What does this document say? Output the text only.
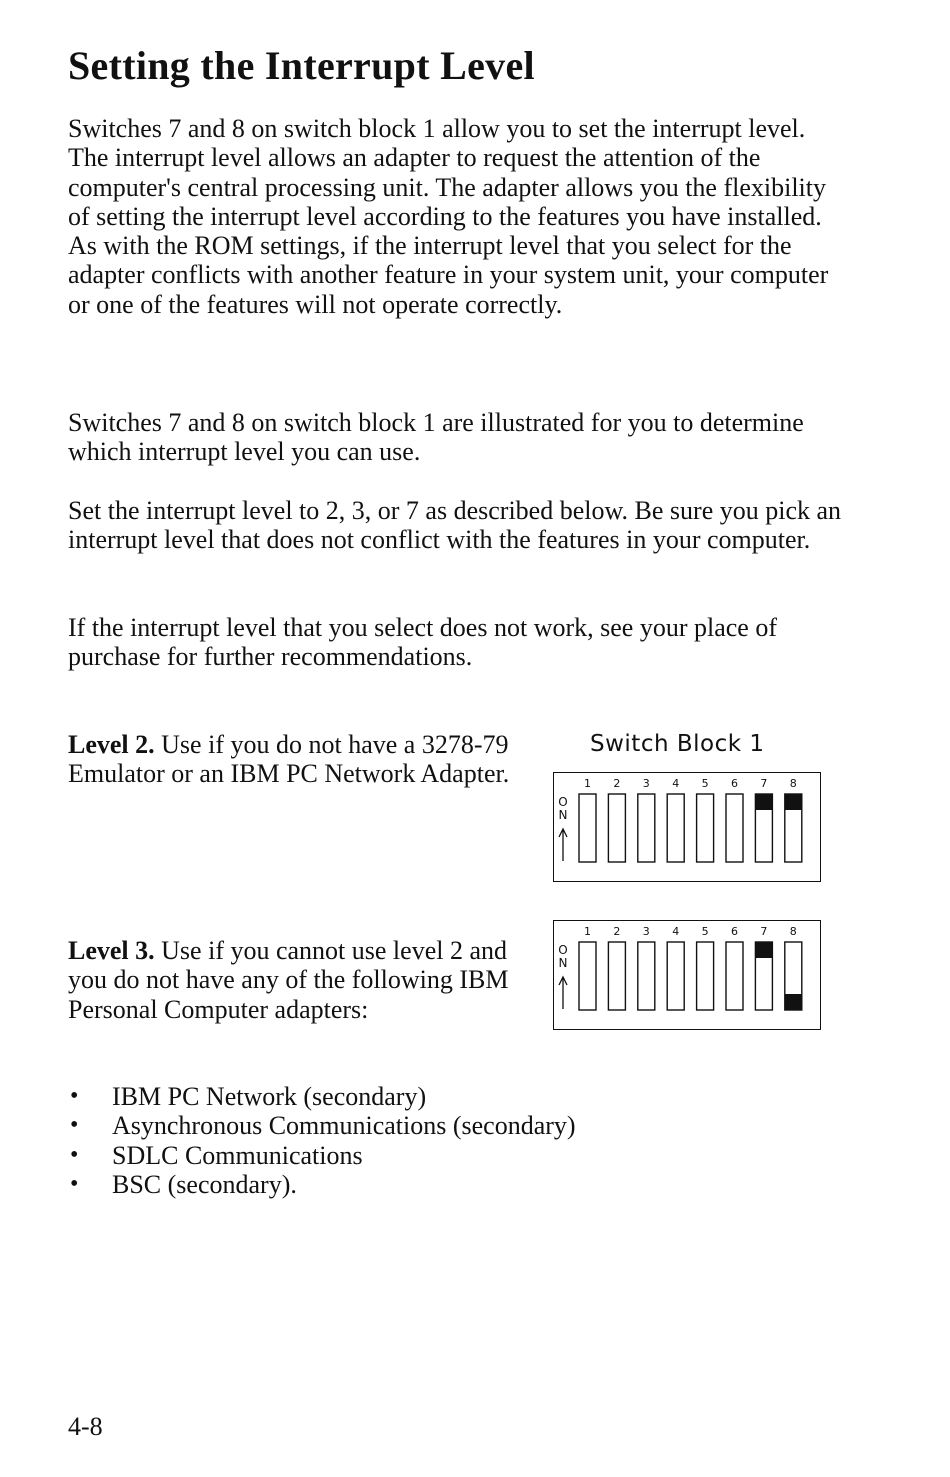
Setting the Interrupt Level

Switches 7 and 8 on switch block 1 allow you to set the interrupt level. The interrupt level allows an adapter to request the attention of the computer's central processing unit. The adapter allows you the flexibility of setting the interrupt level according to the features you have installed. As with the ROM settings, if the interrupt level that you select for the adapter conflicts with another feature in your system unit, your computer or one of the features will not operate correctly.

Switches 7 and 8 on switch block 1 are illustrated for you to determine which interrupt level you can use.

Set the interrupt level to 2, 3, or 7 as described below. Be sure you pick an interrupt level that does not conflict with the features in your computer.

If the interrupt level that you select does not work, see your place of purchase for further recommendations.

Level 2. Use if you do not have a 3278-79 Emulator or an IBM PC Network Adapter.

Switch Block 1
O N
1 2 3 4 5 6 7 8

Level 3. Use if you cannot use level 2 and you do not have any of the following IBM Personal Computer adapters:

O N
1 2 3 4 5 6 7 8
• IBM PC Network (secondary)
• Asynchronous Communications (secondary)
• SDLC Communications
• BSC (secondary).
4-8
